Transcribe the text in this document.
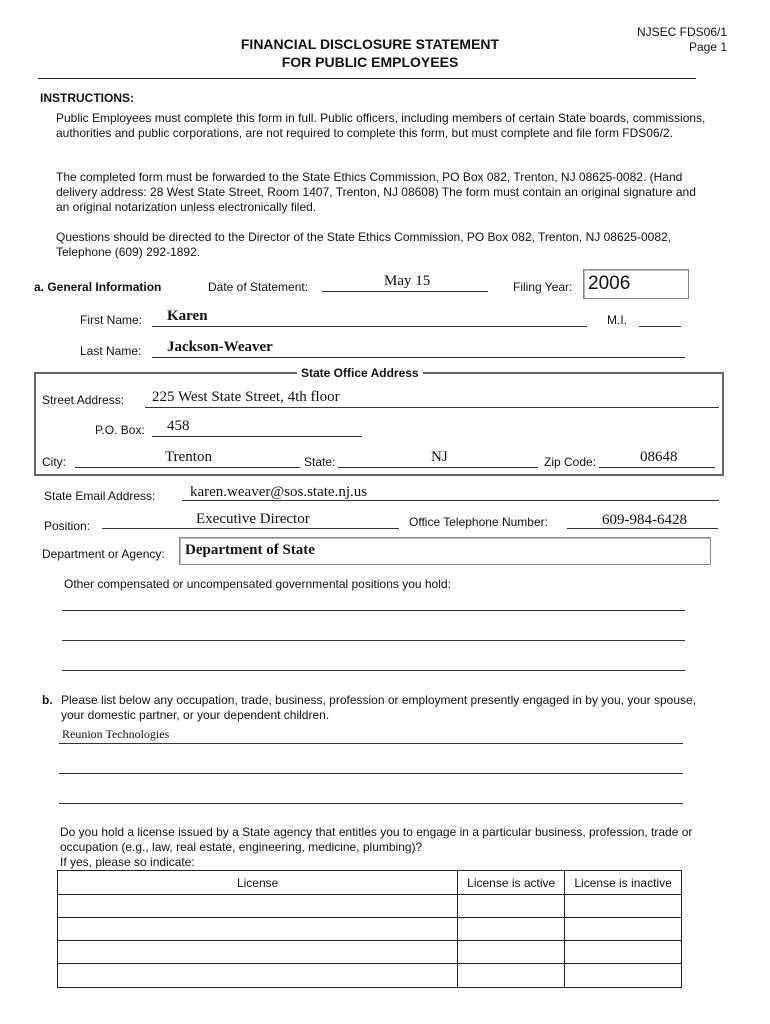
FINANCIAL DISCLOSURE STATEMENT
FOR PUBLIC EMPLOYEES
NJSEC FDS06/1
Page 1
INSTRUCTIONS:
Public Employees must complete this form in full. Public officers, including members of certain State boards, commissions, authorities and public corporations, are not required to complete this form, but must complete and file form FDS06/2.
The completed form must be forwarded to the State Ethics Commission, PO Box 082, Trenton, NJ 08625-0082. (Hand delivery address: 28 West State Street, Room 1407, Trenton, NJ 08608) The form must contain an original signature and an original notarization unless electronically filed.
Questions should be directed to the Director of the State Ethics Commission, PO Box 082, Trenton, NJ 08625-0082, Telephone (609) 292-1892.
a. General Information	Date of Statement:	May 15	Filing Year: 2006
First Name: Karen	M.I.
Last Name: Jackson-Weaver
State Office Address
Street Address: 225 West State Street, 4th floor
P.O. Box: 458
City:	Trenton	State:	NJ	Zip Code:	08648
State Email Address: karen.weaver@sos.state.nj.us
Position:	Executive Director	Office Telephone Number:	609-984-6428
Department or Agency: Department of State
Other compensated or uncompensated governmental positions you hold:
b. Please list below any occupation, trade, business, profession or employment presently engaged in by you, your spouse, your domestic partner, or your dependent children.
Reunion Technologies
Do you hold a license issued by a State agency that entitles you to engage in a particular business, profession, trade or occupation (e.g., law, real estate, engineering, medicine, plumbing)?
If yes, please so indicate:
License	License is active	License is inactive
